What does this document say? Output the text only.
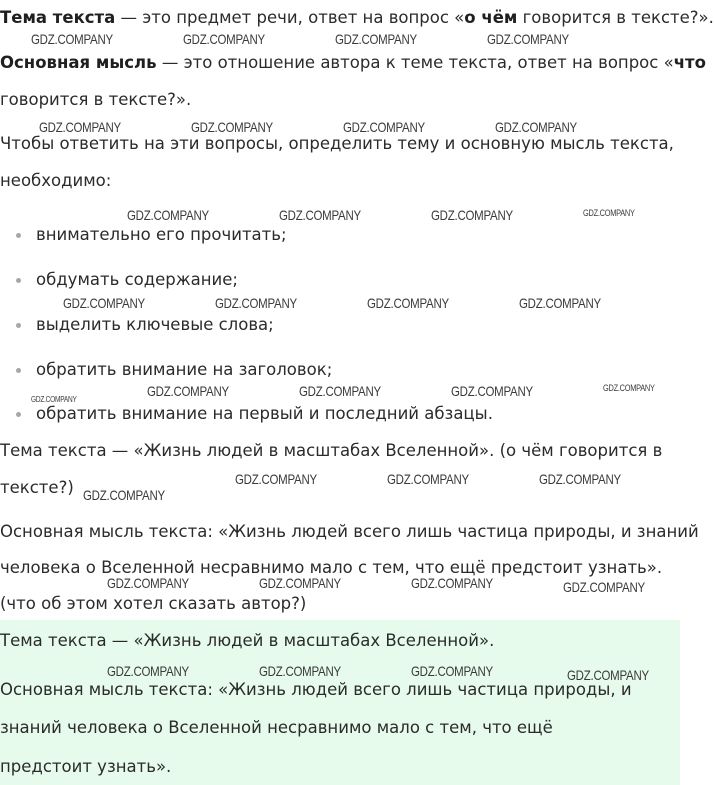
Тема текста — это предмет речи, ответ на вопрос «о чём говорится в тексте?».
Основная мысль — это отношение автора к теме текста, ответ на вопрос «что
говорится в тексте?».
Чтобы ответить на эти вопросы, определить тему и основную мысль текста,
необходимо:
внимательно его прочитать;
обдумать содержание;
выделить ключевые слова;
обратить внимание на заголовок;
обратить внимание на первый и последний абзацы.
Тема текста — «Жизнь людей в масштабах Вселенной». (о чём говорится в
тексте?)
Основная мысль текста: «Жизнь людей всего лишь частица природы, и знаний
человека о Вселенной несравнимо мало с тем, что ещё предстоит узнать».
(что об этом хотел сказать автор?)
Тема текста — «Жизнь людей в масштабах Вселенной».
Основная мысль текста: «Жизнь людей всего лишь частица природы, и
знаний человека о Вселенной несравнимо мало с тем, что ещё
предстоит узнать».
GDZ.COMPANY	GDZ.COMPANY	GDZ.COMPANY	GDZ.COMPANY
GDZ.COMPANY	GDZ.COMPANY	GDZ.COMPANY	GDZ.COMPANY
GDZ.COMPANY	GDZ.COMPANY	GDZ.COMPANY	GDZ.COMPANY
GDZ.COMPANY	GDZ.COMPANY	GDZ.COMPANY	GDZ.COMPANY
GDZ.COMPANY	GDZ.COMPANY	GDZ.COMPANY	GDZ.COMPANY
GDZ.COMPANY
GDZ.COMPANY
GDZ.COMPANY	GDZ.COMPANY	GDZ.COMPANY
GDZ.COMPANY	GDZ.COMPANY	GDZ.COMPANY	GDZ.COMPANY
GDZ.COMPANY	GDZ.COMPANY	GDZ.COMPANY	GDZ.COMPANY
